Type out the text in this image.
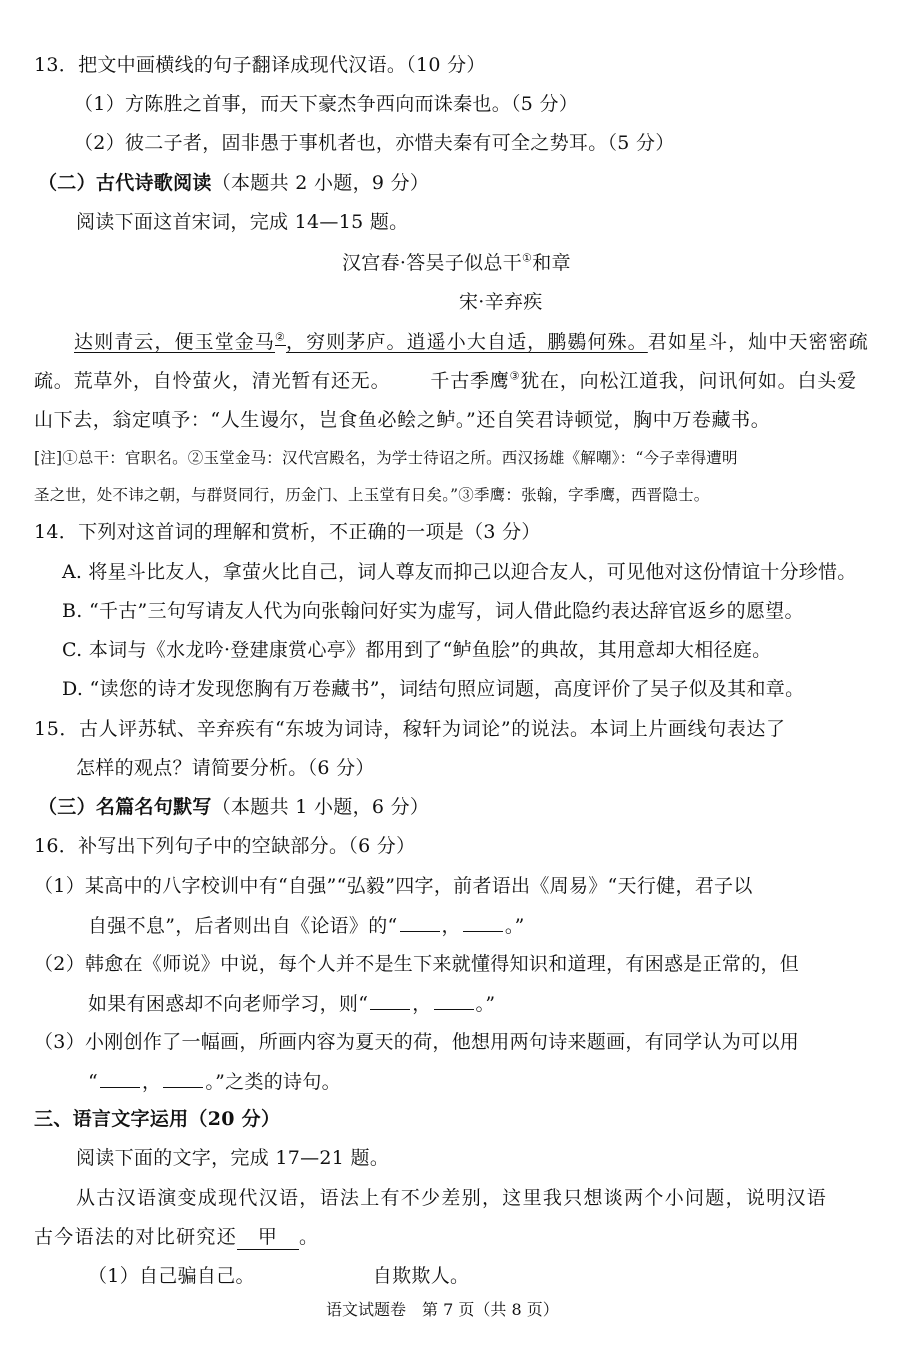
13．把文中画横线的句子翻译成现代汉语。（10 分）
（1）方陈胜之首事，而天下豪杰争西向而诛秦也。（5 分）
（2）彼二子者，固非愚于事机者也，亦惜夫秦有可全之势耳。（5 分）
（二）古代诗歌阅读（本题共 2 小题，9 分）
阅读下面这首宋词，完成 14—15 题。
汉宫春·答吴子似总干①和章
宋·辛弃疾
达则青云，便玉堂金马②，穷则茅庐。逍遥小大自适，鹏鷃何殊。君如星斗，灿中天密密疏
疏。荒草外，自怜萤火，清光暂有还无。 千古季鹰③犹在，向松江道我，问讯何如。白头爱
山下去，翁定嗔予：“人生谩尔，岂食鱼必鲙之鲈。”还自笑君诗顿觉，胸中万卷藏书。
[注]①总干：官职名。②玉堂金马：汉代宫殿名，为学士待诏之所。西汉扬雄《解嘲》：“今子幸得遭明
圣之世，处不讳之朝，与群贤同行，历金门、上玉堂有日矣。”③季鹰：张翰，字季鹰，西晋隐士。
14．下列对这首词的理解和赏析，不正确的一项是（3 分）
A. 将星斗比友人，拿萤火比自己，词人尊友而抑己以迎合友人，可见他对这份情谊十分珍惜。
B. “千古”三句写请友人代为向张翰问好实为虚写，词人借此隐约表达辞官返乡的愿望。
C. 本词与《水龙吟·登建康赏心亭》都用到了“鲈鱼脍”的典故，其用意却大相径庭。
D. “读您的诗才发现您胸有万卷藏书”，词结句照应词题，高度评价了吴子似及其和章。
15．古人评苏轼、辛弃疾有“东坡为词诗，稼轩为词论”的说法。本词上片画线句表达了
怎样的观点？请简要分析。（6 分）
（三）名篇名句默写（本题共 1 小题，6 分）
16．补写出下列句子中的空缺部分。（6 分）
（1）某高中的八字校训中有“自强”“弘毅”四字，前者语出《周易》“天行健，君子以
自强不息”，后者则出自《论语》的“ ， 。”
（2）韩愈在《师说》中说，每个人并不是生下来就懂得知识和道理，有困惑是正常的，但
如果有困惑却不向老师学习，则“ ， 。”
（3）小刚创作了一幅画，所画内容为夏天的荷，他想用两句诗来题画，有同学认为可以用
“ ， 。”之类的诗句。
三、语言文字运用（20 分）
阅读下面的文字，完成 17—21 题。
从古汉语演变成现代汉语，语法上有不少差别，这里我只想谈两个小问题，说明汉语
古今语法的对比研究还 甲 。
（1）自己骗自己。	自欺欺人。
语文试题卷　第 7 页（共 8 页）
